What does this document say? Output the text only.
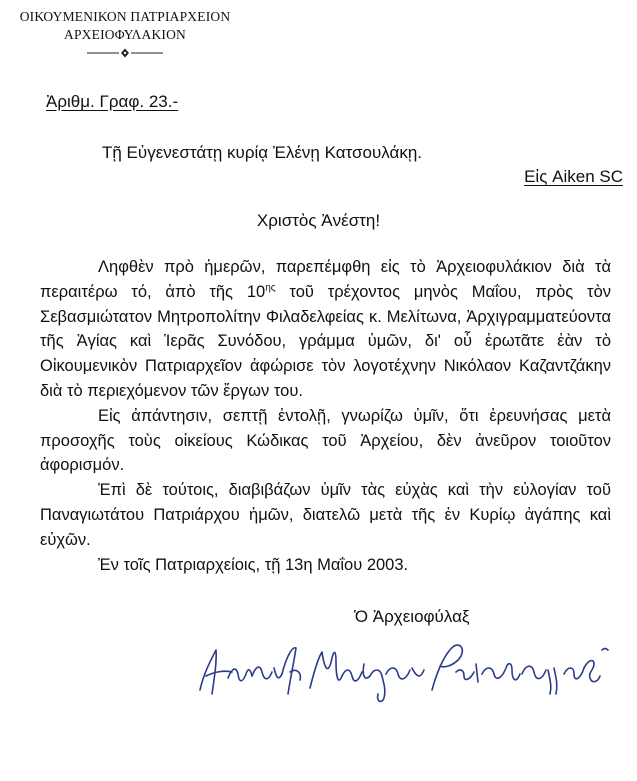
ΟΙΚΟΥΜΕΝΙΚΟΝ ΠΑΤΡΙΑΡΧΕΙΟΝ
ΑΡΧΕΙΟΦΥΛΑΚΙΟΝ
Ἀριθμ. Γραφ. 23.-
Τῇ Εὐγενεστάτῃ κυρίᾳ Ἐλένῃ Κατσουλάκῃ.
Εἰς Aiken SC
Χριστὸς Ἀνέστη!

Ληφθὲν πρὸ ἡμερῶν, παρεπέμφθη εἰς τὸ Ἀρχειοφυλάκιον διὰ τὰ περαιτέρω τό, ἀπὸ τῆς $10^{\eta\varsigma}$ τοῦ τρέχοντος μηνὸς Μαΐου, πρὸς τὸν Σεβασμιώτατον Μητροπολίτην Φιλαδελφείας κ. Μελίτωνα, Ἀρχιγραμματεύοντα τῆς Ἁγίας καὶ Ἱερᾶς Συνόδου, γράμμα ὑμῶν, δι' οὗ ἐρωτᾶτε ἐὰν τὸ Οἰκουμενικὸν Πατριαρχεῖον ἀφώρισε τὸν λογοτέχνην Νικόλαον Καζαντζάκην διὰ τὸ περιεχόμενον τῶν ἔργων του.

Εἰς ἀπάντησιν, σεπτῇ ἐντολῇ, γνωρίζω ὑμῖν, ὅτι ἐρευνήσας μετὰ προσοχῆς τοὺς οἰκείους Κώδικας τοῦ Ἀρχείου, δὲν ἀνεῦρον τοιοῦτον ἀφορισμόν.

Ἐπὶ δὲ τούτοις, διαβιβάζων ὑμῖν τὰς εὐχὰς καὶ τὴν εὐλογίαν τοῦ Παναγιωτάτου Πατριάρχου ἡμῶν, διατελῶ μετὰ τῆς ἐν Κυρίῳ ἀγάπης καὶ εὐχῶν.

Ἐν τοῖς Πατριαρχείοις, τῇ 13η Μαΐου 2003.

Ὁ Ἀρχειοφύλαξ
